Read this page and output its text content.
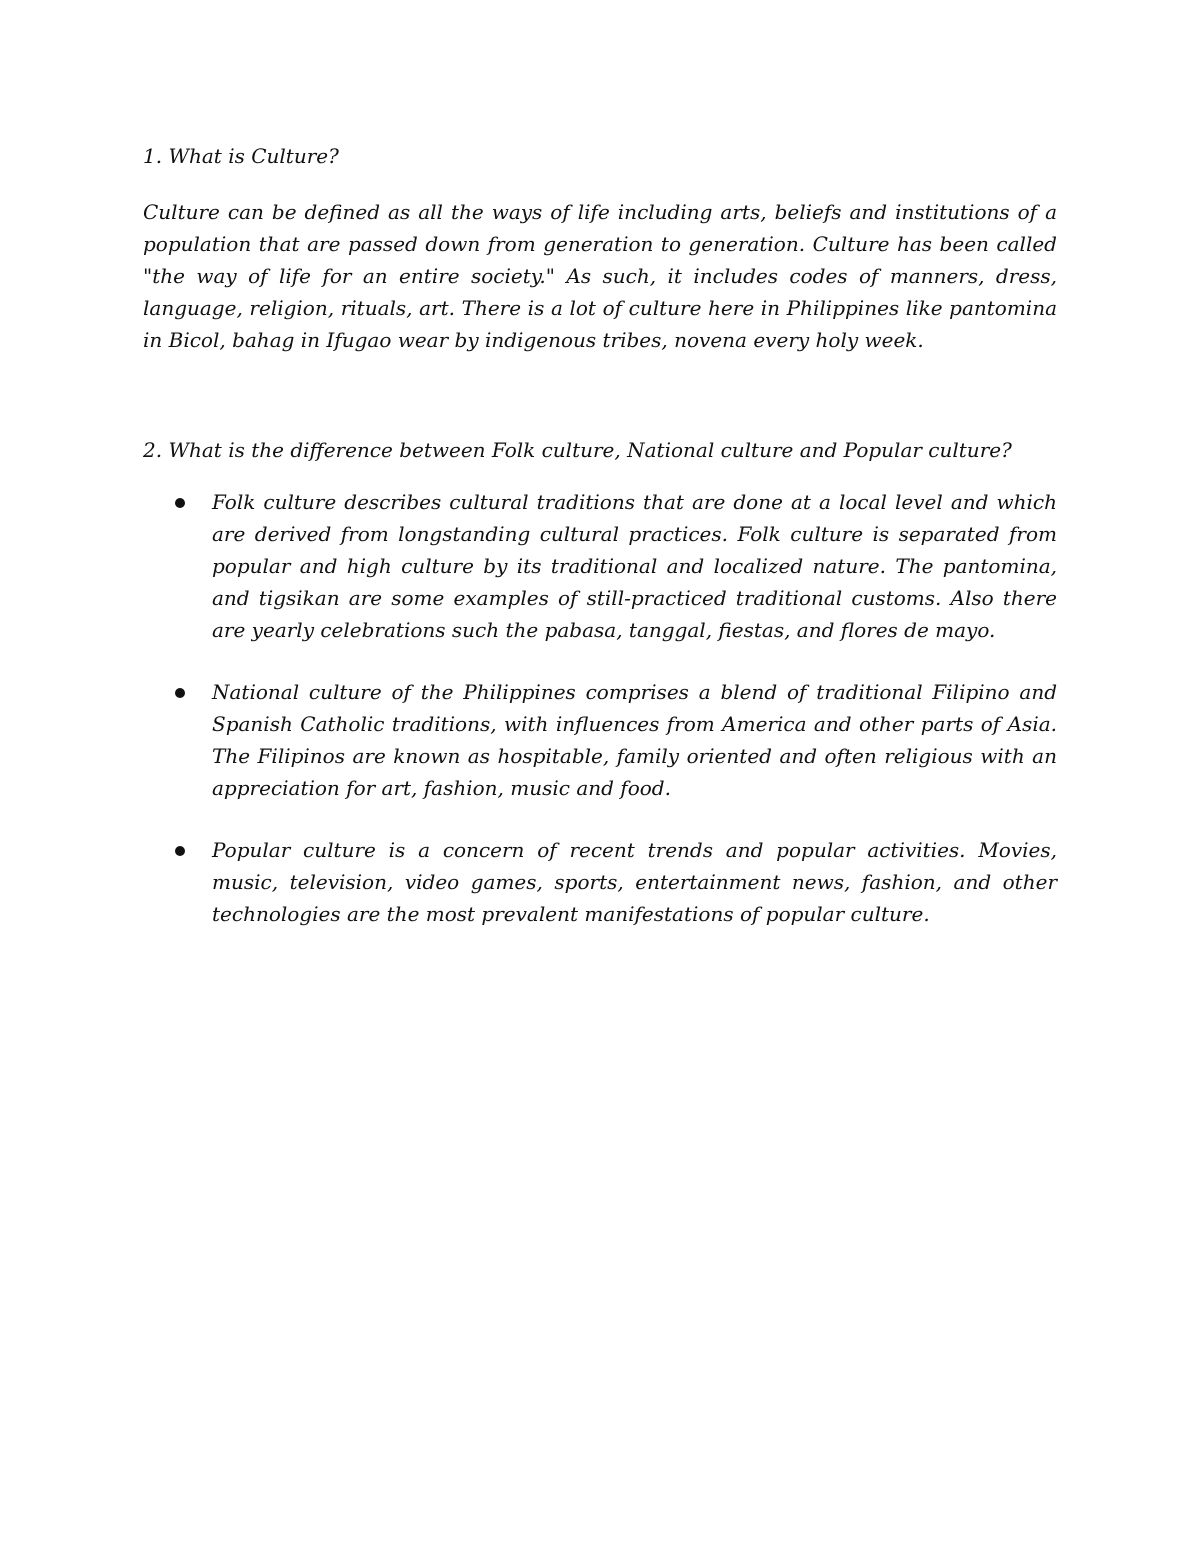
1. What is Culture?

Culture can be defined as all the ways of life including arts, beliefs and institutions of a population that are passed down from generation to generation. Culture has been called "the way of life for an entire society." As such, it includes codes of manners, dress, language, religion, rituals, art. There is a lot of culture here in Philippines like pantomina in Bicol, bahag in Ifugao wear by indigenous tribes, novena every holy week.

2. What is the difference between Folk culture, National culture and Popular culture?

Folk culture describes cultural traditions that are done at a local level and which are derived from longstanding cultural practices. Folk culture is separated from popular and high culture by its traditional and localized nature. The pantomina, and tigsikan are some examples of still-practiced traditional customs. Also there are yearly celebrations such the pabasa, tanggal, fiestas, and flores de mayo.
National culture of the Philippines comprises a blend of traditional Filipino and Spanish Catholic traditions, with influences from America and other parts of Asia. The Filipinos are known as hospitable, family oriented and often religious with an appreciation for art, fashion, music and food.
Popular culture is a concern of recent trends and popular activities. Movies, music, television, video games, sports, entertainment news, fashion, and other technologies are the most prevalent manifestations of popular culture.
